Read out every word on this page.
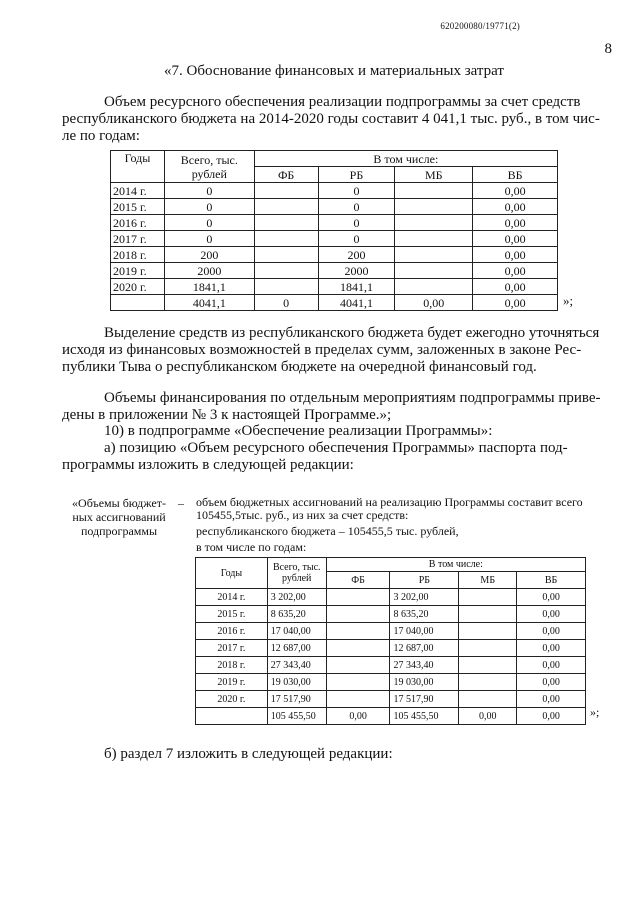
620200080/19771(2)
8
«7. Обоснование финансовых и материальных затрат
Объем ресурсного обеспечения реализации подпрограммы за счет средств
республиканского бюджета на 2014-2020 годы составит 4 041,1 тыс. руб., в том чис-
ле по годам:
Годы	Всего, тыс.
рублей	В том числе:			
		ФБ	РБ	МБ	ВБ
2014 г.	0		0		0,00
2015 г.	0		0		0,00
2016 г.	0		0		0,00
2017 г.	0		0		0,00
2018 г.	200		200		0,00
2019 г.	2000		2000		0,00
2020 г.	1841,1		1841,1		0,00
	4041,1	0	4041,1	0,00	0,00	»;
Выделение средств из республиканского бюджета будет ежегодно уточняться
исходя из финансовых возможностей в пределах сумм, заложенных в законе Рес-
публики Тыва о республиканском бюджете на очередной финансовый год.
Объемы финансирования по отдельным мероприятиям подпрограммы приве-
дены в приложении № 3 к настоящей Программе.»;
10) в подпрограмме «Обеспечение реализации Программы»:
а) позицию «Объем ресурсного обеспечения Программы» паспорта под-
программы изложить в следующей редакции:
«Объемы бюджет-
ных ассигнований
подпрограммы
– объем бюджетных ассигнований на реализацию Программы составит всего
105455,5тыс. руб., из них за счет средств:
республиканского бюджета – 105455,5 тыс. рублей,
в том числе по годам:
Годы	Всего, тыс.
рублей	В том числе:			
		ФБ	РБ	МБ	ВБ
2014 г.	3 202,00		3 202,00		0,00
2015 г.	8 635,20		8 635,20		0,00
2016 г.	17 040,00		17 040,00		0,00
2017 г.	12 687,00		12 687,00		0,00
2018 г.	27 343,40		27 343,40		0,00
2019 г.	19 030,00		19 030,00		0,00
2020 г.	17 517,90		17 517,90		0,00
	105 455,50	0,00	105 455,50	0,00	0,00	»;
б) раздел 7 изложить в следующей редакции:
